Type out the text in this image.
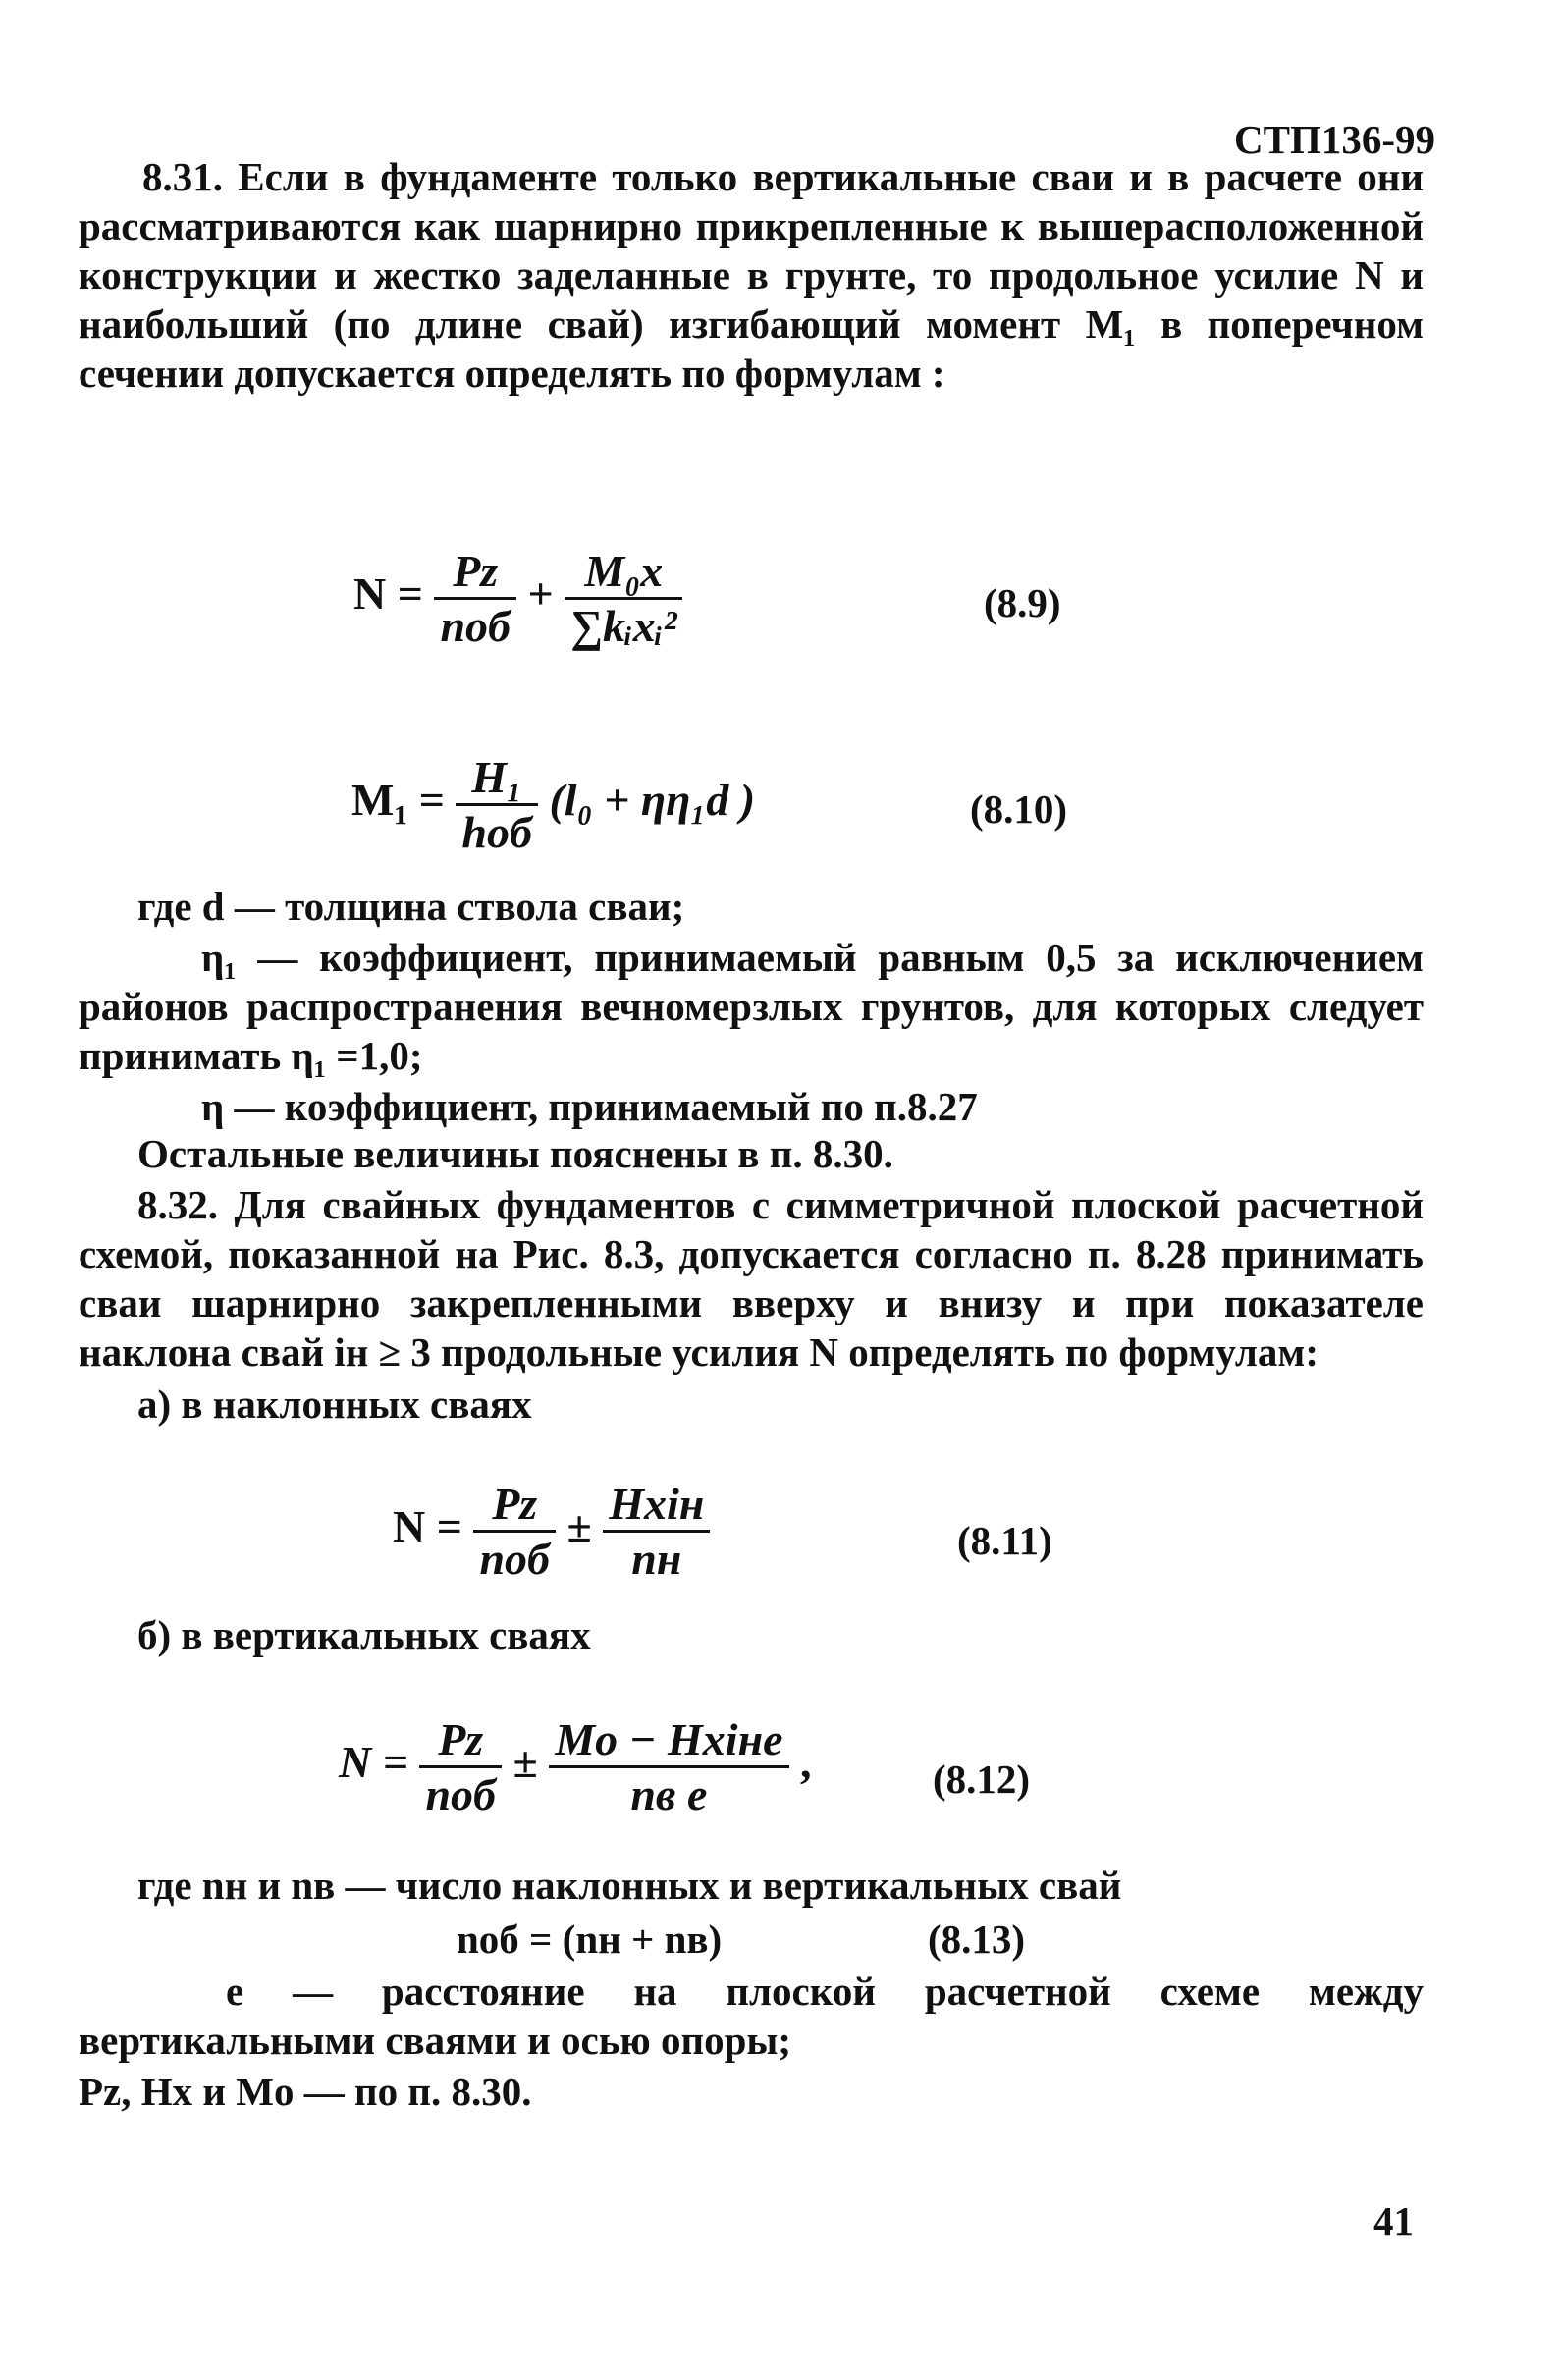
СТП136-99
8.31. Если в фундаменте только вертикальные сваи и в расчете они рассматриваются как шарнирно прикрепленные к вышерасположенной конструкции и жестко заделанные в грунте, то продольное усилие N и наибольший (по длине свай) изгибающий момент M₁ в поперечном сечении допускается определять по формулам :
$N = \frac{Pz}{\text{nоб}} + \frac{\text{M₀x}}{\text{∑kᵢxᵢ²}}$	(8.9)
$M_1 = \frac{\text{H₁}}{\text{hоб}} (l_0 + \eta\eta_1d$ )	(8.10)
где d — толщина ствола сваи;
η₁ — коэффициент, принимаемый равным 0,5 за исключением районов распространения вечномерзлых грунтов, для которых следует принимать η₁ =1,0;
η — коэффициент, принимаемый по п.8.27
Остальные величины пояснены в п. 8.30.
8.32. Для свайных фундаментов с симметричной плоской расчетной схемой, показанной на Рис. 8.3, допускается согласно п. 8.28 принимать сваи шарнирно закрепленными вверху и внизу и при показателе наклона свай iн ≥ 3 продольные усилия N определять по формулам:
а) в наклонных сваях
$N = \frac{Pz}{\text{nоб}} \pm \frac{\text{Hxiн}}{nн}$	(8.11)
б) в вертикальных сваях
$N = \frac{Pz}{\text{nоб}} \pm \frac{\text{Mо − Hxiнe}}{\text{nв e}}$ ,	(8.12)
где nн и nв — число наклонных и вертикальных свай
nоб = (nн + nв)	(8.13)
е — расстояние на плоской расчетной схеме между вертикальными сваями и осью опоры;
Pz, Hx и Mo — по п. 8.30.
41
